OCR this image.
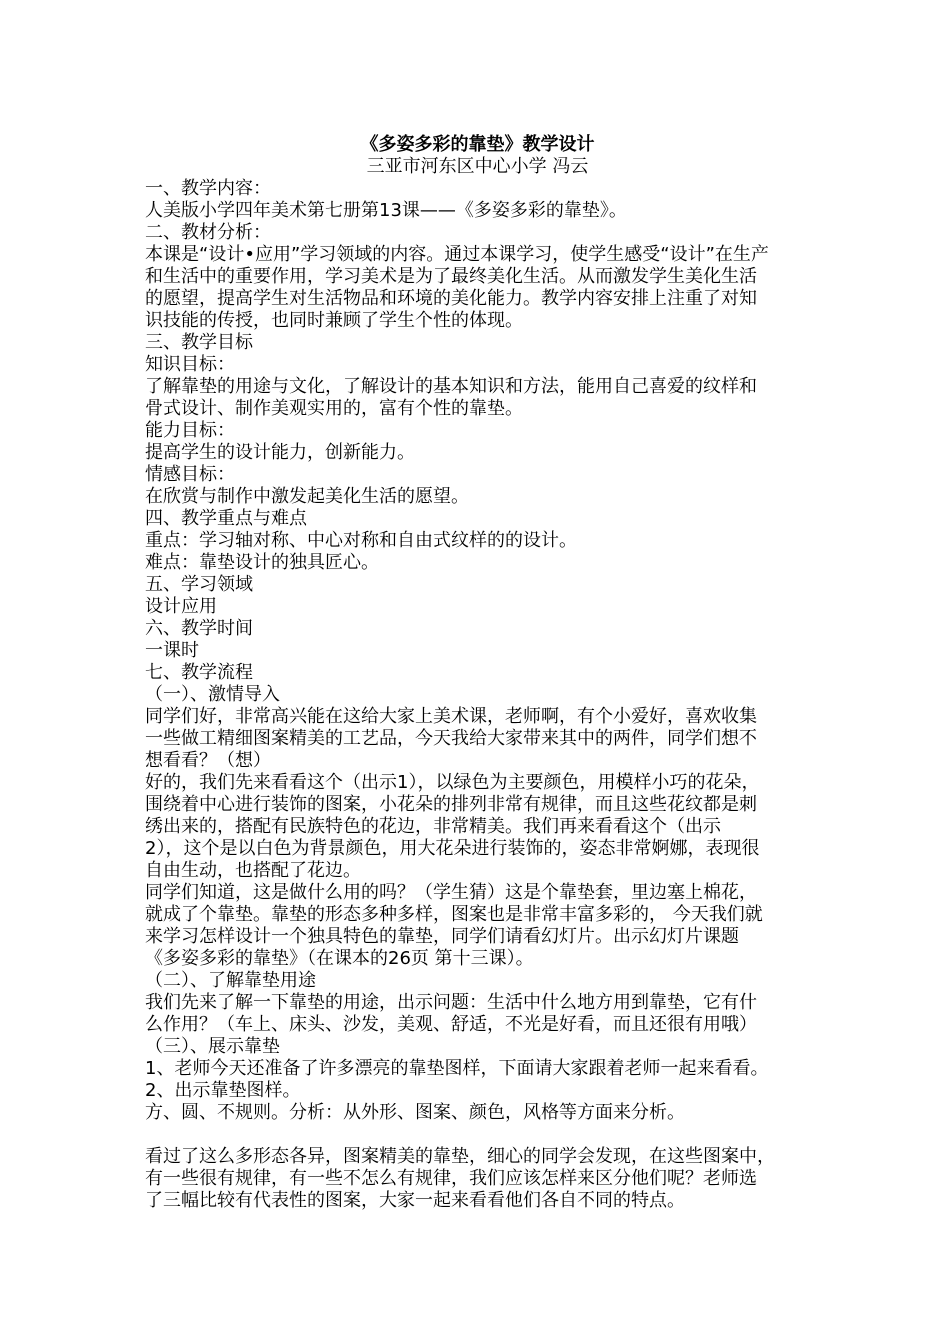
《多姿多彩的靠垫》教学设计
三亚市河东区中心小学 冯云
一、教学内容：
人美版小学四年美术第七册第13课——《多姿多彩的靠垫》。
二、教材分析：
本课是“设计•应用”学习领域的内容。通过本课学习，使学生感受“设计”在生产
和生活中的重要作用，学习美术是为了最终美化生活。从而激发学生美化生活
的愿望，提高学生对生活物品和环境的美化能力。教学内容安排上注重了对知
识技能的传授，也同时兼顾了学生个性的体现。
三、教学目标
知识目标：
了解靠垫的用途与文化，了解设计的基本知识和方法，能用自己喜爱的纹样和
骨式设计、制作美观实用的，富有个性的靠垫。
能力目标：
提高学生的设计能力，创新能力。
情感目标：
在欣赏与制作中激发起美化生活的愿望。
四、教学重点与难点
重点：学习轴对称、中心对称和自由式纹样的的设计。
难点：靠垫设计的独具匠心。
五、学习领域
设计应用
六、教学时间
一课时
七、教学流程
（一）、激情导入
同学们好，非常高兴能在这给大家上美术课，老师啊，有个小爱好，喜欢收集
一些做工精细图案精美的工艺品，今天我给大家带来其中的两件，同学们想不
想看看？（想）
好的，我们先来看看这个（出示1），以绿色为主要颜色，用模样小巧的花朵，
围绕着中心进行装饰的图案，小花朵的排列非常有规律，而且这些花纹都是刺
绣出来的，搭配有民族特色的花边，非常精美。我们再来看看这个（出示
2），这个是以白色为背景颜色，用大花朵进行装饰的，姿态非常婀娜，表现很
自由生动，也搭配了花边。
同学们知道，这是做什么用的吗？（学生猜）这是个靠垫套，里边塞上棉花，
就成了个靠垫。靠垫的形态多种多样，图案也是非常丰富多彩的， 今天我们就
来学习怎样设计一个独具特色的靠垫，同学们请看幻灯片。出示幻灯片课题
《多姿多彩的靠垫》（在课本的26页 第十三课）。
（二）、了解靠垫用途
我们先来了解一下靠垫的用途，出示问题：生活中什么地方用到靠垫，它有什
么作用？（车上、床头、沙发，美观、舒适，不光是好看，而且还很有用哦）
（三）、展示靠垫
1、老师今天还准备了许多漂亮的靠垫图样，下面请大家跟着老师一起来看看。
2、出示靠垫图样。
方、圆、不规则。分析：从外形、图案、颜色，风格等方面来分析。
看过了这么多形态各异，图案精美的靠垫，细心的同学会发现，在这些图案中，
有一些很有规律，有一些不怎么有规律，我们应该怎样来区分他们呢？老师选
了三幅比较有代表性的图案，大家一起来看看他们各自不同的特点。
